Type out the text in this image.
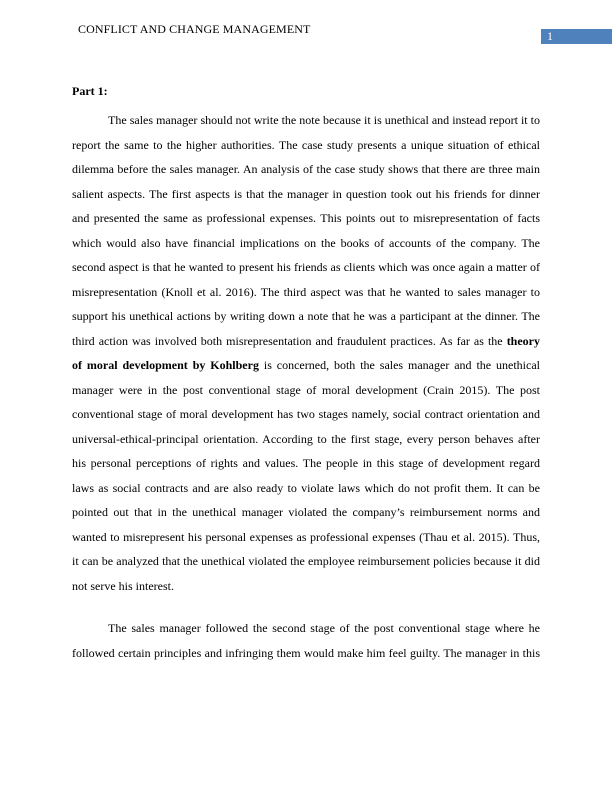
CONFLICT AND CHANGE MANAGEMENT	1

Part 1:

The sales manager should not write the note because it is unethical and instead report it to
report the same to the higher authorities. The case study presents a unique situation of ethical
dilemma before the sales manager. An analysis of the case study shows that there are three main
salient aspects. The first aspects is that the manager in question took out his friends for dinner
and presented the same as professional expenses. This points out to misrepresentation of facts
which would also have financial implications on the books of accounts of the company. The
second aspect is that he wanted to present his friends as clients which was once again a matter of
misrepresentation (Knoll et al. 2016). The third aspect was that he wanted to sales manager to
support his unethical actions by writing down a note that he was a participant at the dinner. The
third action was involved both misrepresentation and fraudulent practices. As far as the theory
of moral development by Kohlberg is concerned, both the sales manager and the unethical
manager were in the post conventional stage of moral development (Crain 2015). The post
conventional stage of moral development has two stages namely, social contract orientation and
universal-ethical-principal orientation. According to the first stage, every person behaves after
his personal perceptions of rights and values. The people in this stage of development regard
laws as social contracts and are also ready to violate laws which do not profit them. It can be
pointed out that in the unethical manager violated the company’s reimbursement norms and
wanted to misrepresent his personal expenses as professional expenses (Thau et al. 2015). Thus,
it can be analyzed that the unethical violated the employee reimbursement policies because it did
not serve his interest.
The sales manager followed the second stage of the post conventional stage where he
followed certain principles and infringing them would make him feel guilty. The manager in this
